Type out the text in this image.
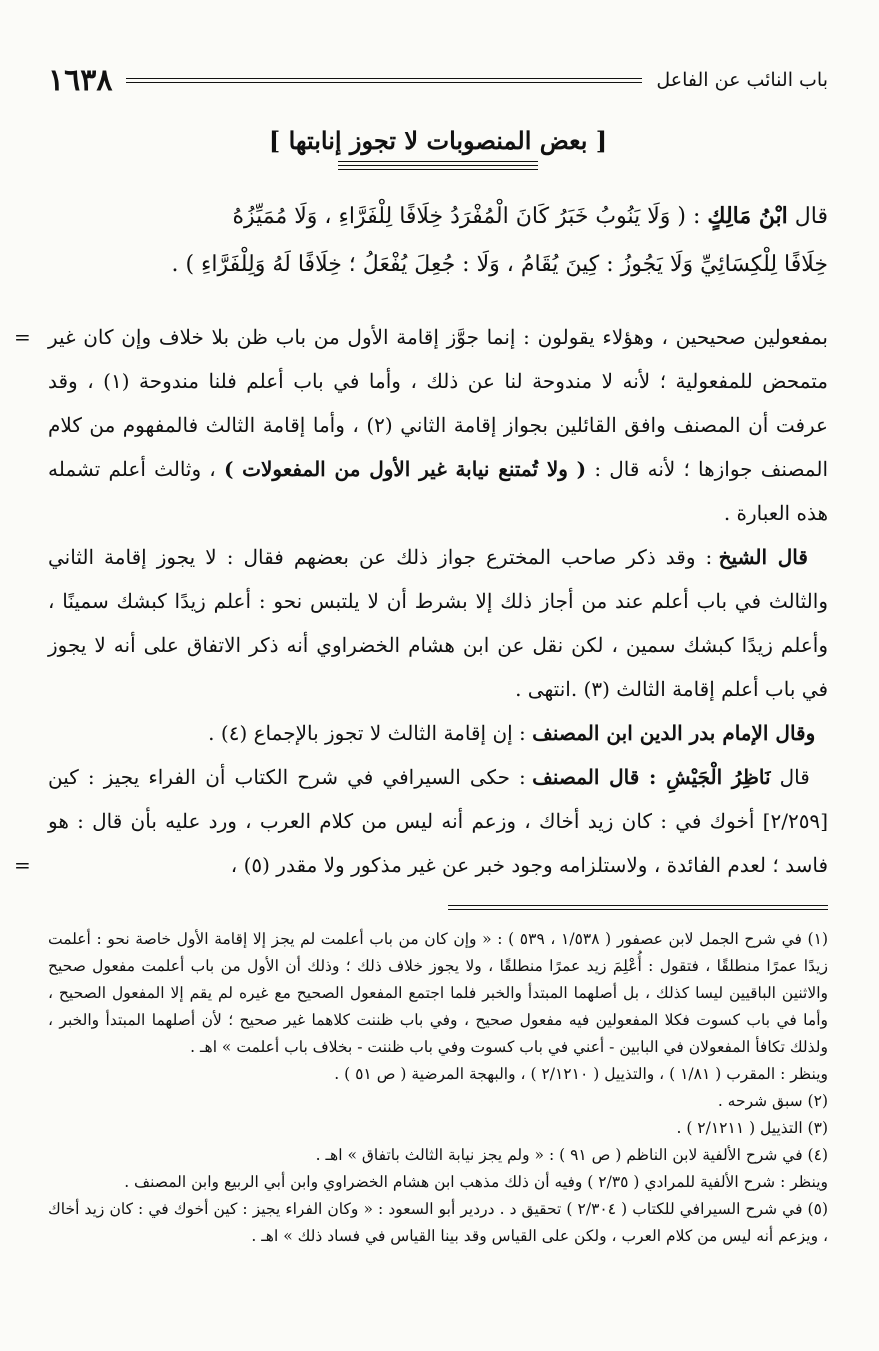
باب النائب عن الفاعل
١٦٣٨
[ بعض المنصوبات لا تجوز إنابتها ]

قال ابْنُ مَالِكٍ : ( وَلَا يَنُوبُ خَبَرُ كَانَ الْمُفْرَدُ خِلَافًا لِلْفَرَّاءِ ، وَلَا مُمَيِّزُهُ

خِلَافًا لِلْكِسَائِيِّ وَلَا يَجُوزُ : كِينَ يُقَامُ ، وَلَا : جُعِلَ يُفْعَلُ ؛ خِلَافًا لَهُ وَلِلْفَرَّاءِ ) .

= بمفعولين صحيحين ، وهؤلاء يقولون : إنما جوَّز إقامة الأول من باب ظن بلا خلاف وإن كان غير متمحض للمفعولية ؛ لأنه لا مندوحة لنا عن ذلك ، وأما في باب أعلم فلنا مندوحة (١) ، وقد عرفت أن المصنف وافق القائلين بجواز إقامة الثاني (٢) ، وأما إقامة الثالث فالمفهوم من كلام المصنف جوازها ؛ لأنه قال : ( ولا تُمتنع نيابة غير الأول من المفعولات ) ، وثالث أعلم تشمله هذه العبارة .

قال الشيخ : وقد ذكر صاحب المخترع جواز ذلك عن بعضهم فقال : لا يجوز إقامة الثاني والثالث في باب أعلم عند من أجاز ذلك إلا بشرط أن لا يلتبس نحو : أعلم زيدًا كبشك سمينًا ، وأعلم زيدًا كبشك سمين ، لكن نقل عن ابن هشام الخضراوي أنه ذكر الاتفاق على أنه لا يجوز في باب أعلم إقامة الثالث (٣) .انتهى .

وقال الإمام بدر الدين ابن المصنف : إن إقامة الثالث لا تجوز بالإجماع (٤) .

قال نَاظِرُ الْجَيْشِ : قال المصنف : حكى السيرافي في شرح الكتاب أن الفراء يجيز : كين [٢/٢٥٩] أخوك في : كان زيد أخاك ، وزعم أنه ليس من كلام العرب ، ورد عليه بأن قال : هو فاسد ؛ لعدم الفائدة ، ولاستلزامه وجود خبر عن غير مذكور ولا مقدر (٥) ،

=

(١) في شرح الجمل لابن عصفور ( ١/٥٣٨ ، ٥٣٩ ) : « وإن كان من باب أعلمت لم يجز إلا إقامة الأول خاصة نحو : أعلمت زيدًا عمرًا منطلقًا ، فتقول : أُعْلِمَ زيد عمرًا منطلقًا ، ولا يجوز خلاف ذلك ؛ وذلك أن الأول من باب أعلمت مفعول صحيح والاثنين الباقيين ليسا كذلك ، بل أصلهما المبتدأ والخبر فلما اجتمع المفعول الصحيح مع غيره لم يقم إلا المفعول الصحيح ، وأما في باب كسوت فكلا المفعولين فيه مفعول صحيح ، وفي باب ظننت كلاهما غير صحيح ؛ لأن أصلهما المبتدأ والخبر ، ولذلك تكافأ المفعولان في البابين - أعني في باب كسوت وفي باب ظننت - بخلاف باب أعلمت » اهـ .

وينظر : المقرب ( ١/٨١ ) ، والتذييل ( ٢/١٢١٠ ) ، والبهجة المرضية ( ص ٥١ ) .

(٢) سبق شرحه .

(٣) التذييل ( ٢/١٢١١ ) .

(٤) في شرح الألفية لابن الناظم ( ص ٩١ ) : « ولم يجز نيابة الثالث باتفاق » اهـ .

وينظر : شرح الألفية للمرادي ( ٢/٣٥ ) وفيه أن ذلك مذهب ابن هشام الخضراوي وابن أبي الربيع وابن المصنف .

(٥) في شرح السيرافي للكتاب ( ٢/٣٠٤ ) تحقيق د . دردير أبو السعود : « وكان الفراء يجيز : كين أخوك في : كان زيد أخاك ، ويزعم أنه ليس من كلام العرب ، ولكن على القياس وقد بينا القياس في فساد ذلك » اهـ .
